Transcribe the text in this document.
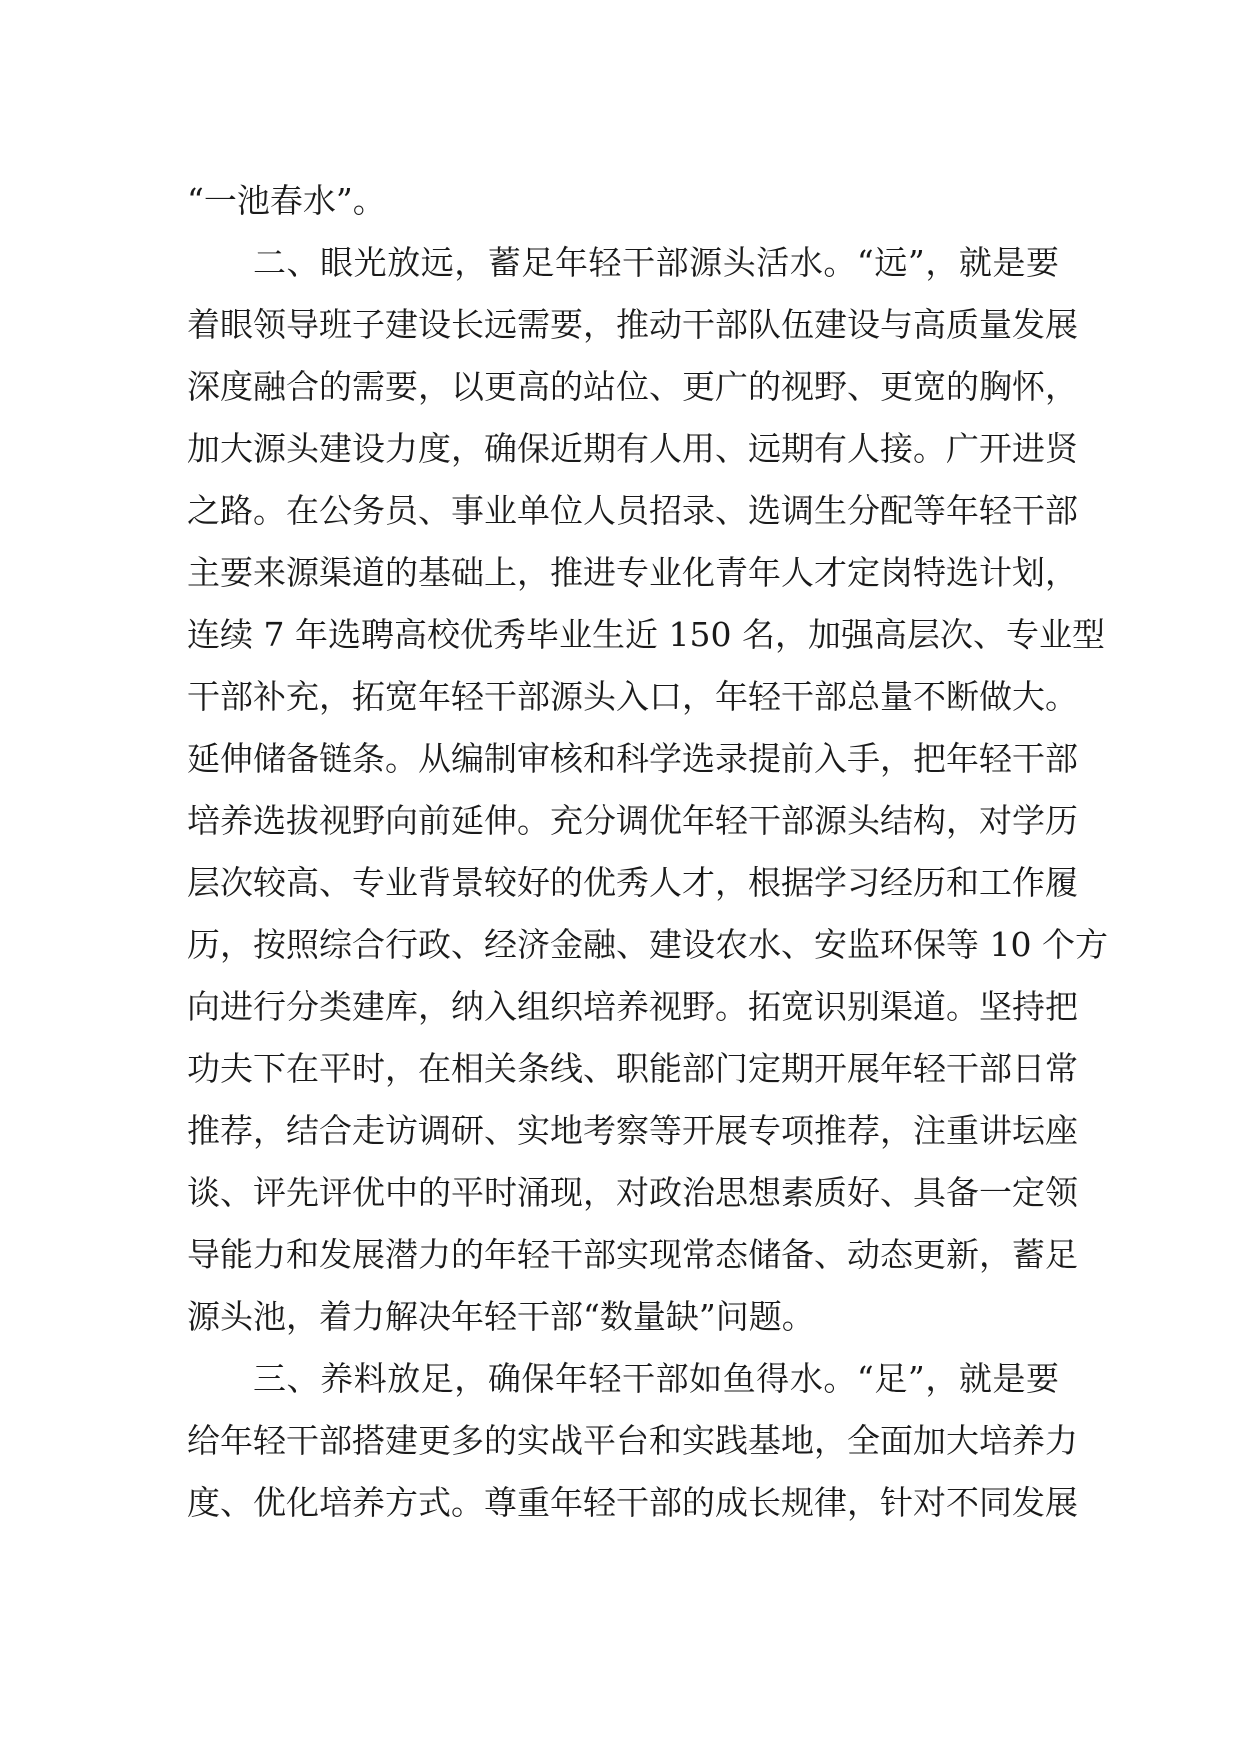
“一池春水”。
二、眼光放远，蓄足年轻干部源头活水。“远”，就是要
着眼领导班子建设长远需要，推动干部队伍建设与高质量发展
深度融合的需要，以更高的站位、更广的视野、更宽的胸怀，
加大源头建设力度，确保近期有人用、远期有人接。广开进贤
之路。在公务员、事业单位人员招录、选调生分配等年轻干部
主要来源渠道的基础上，推进专业化青年人才定岗特选计划，
连续 7 年选聘高校优秀毕业生近 150 名，加强高层次、专业型
干部补充，拓宽年轻干部源头入口，年轻干部总量不断做大。
延伸储备链条。从编制审核和科学选录提前入手，把年轻干部
培养选拔视野向前延伸。充分调优年轻干部源头结构，对学历
层次较高、专业背景较好的优秀人才，根据学习经历和工作履
历，按照综合行政、经济金融、建设农水、安监环保等 10 个方
向进行分类建库，纳入组织培养视野。拓宽识别渠道。坚持把
功夫下在平时，在相关条线、职能部门定期开展年轻干部日常
推荐，结合走访调研、实地考察等开展专项推荐，注重讲坛座
谈、评先评优中的平时涌现，对政治思想素质好、具备一定领
导能力和发展潜力的年轻干部实现常态储备、动态更新，蓄足
源头池，着力解决年轻干部“数量缺”问题。
三、养料放足，确保年轻干部如鱼得水。“足”，就是要
给年轻干部搭建更多的实战平台和实践基地，全面加大培养力
度、优化培养方式。尊重年轻干部的成长规律，针对不同发展
